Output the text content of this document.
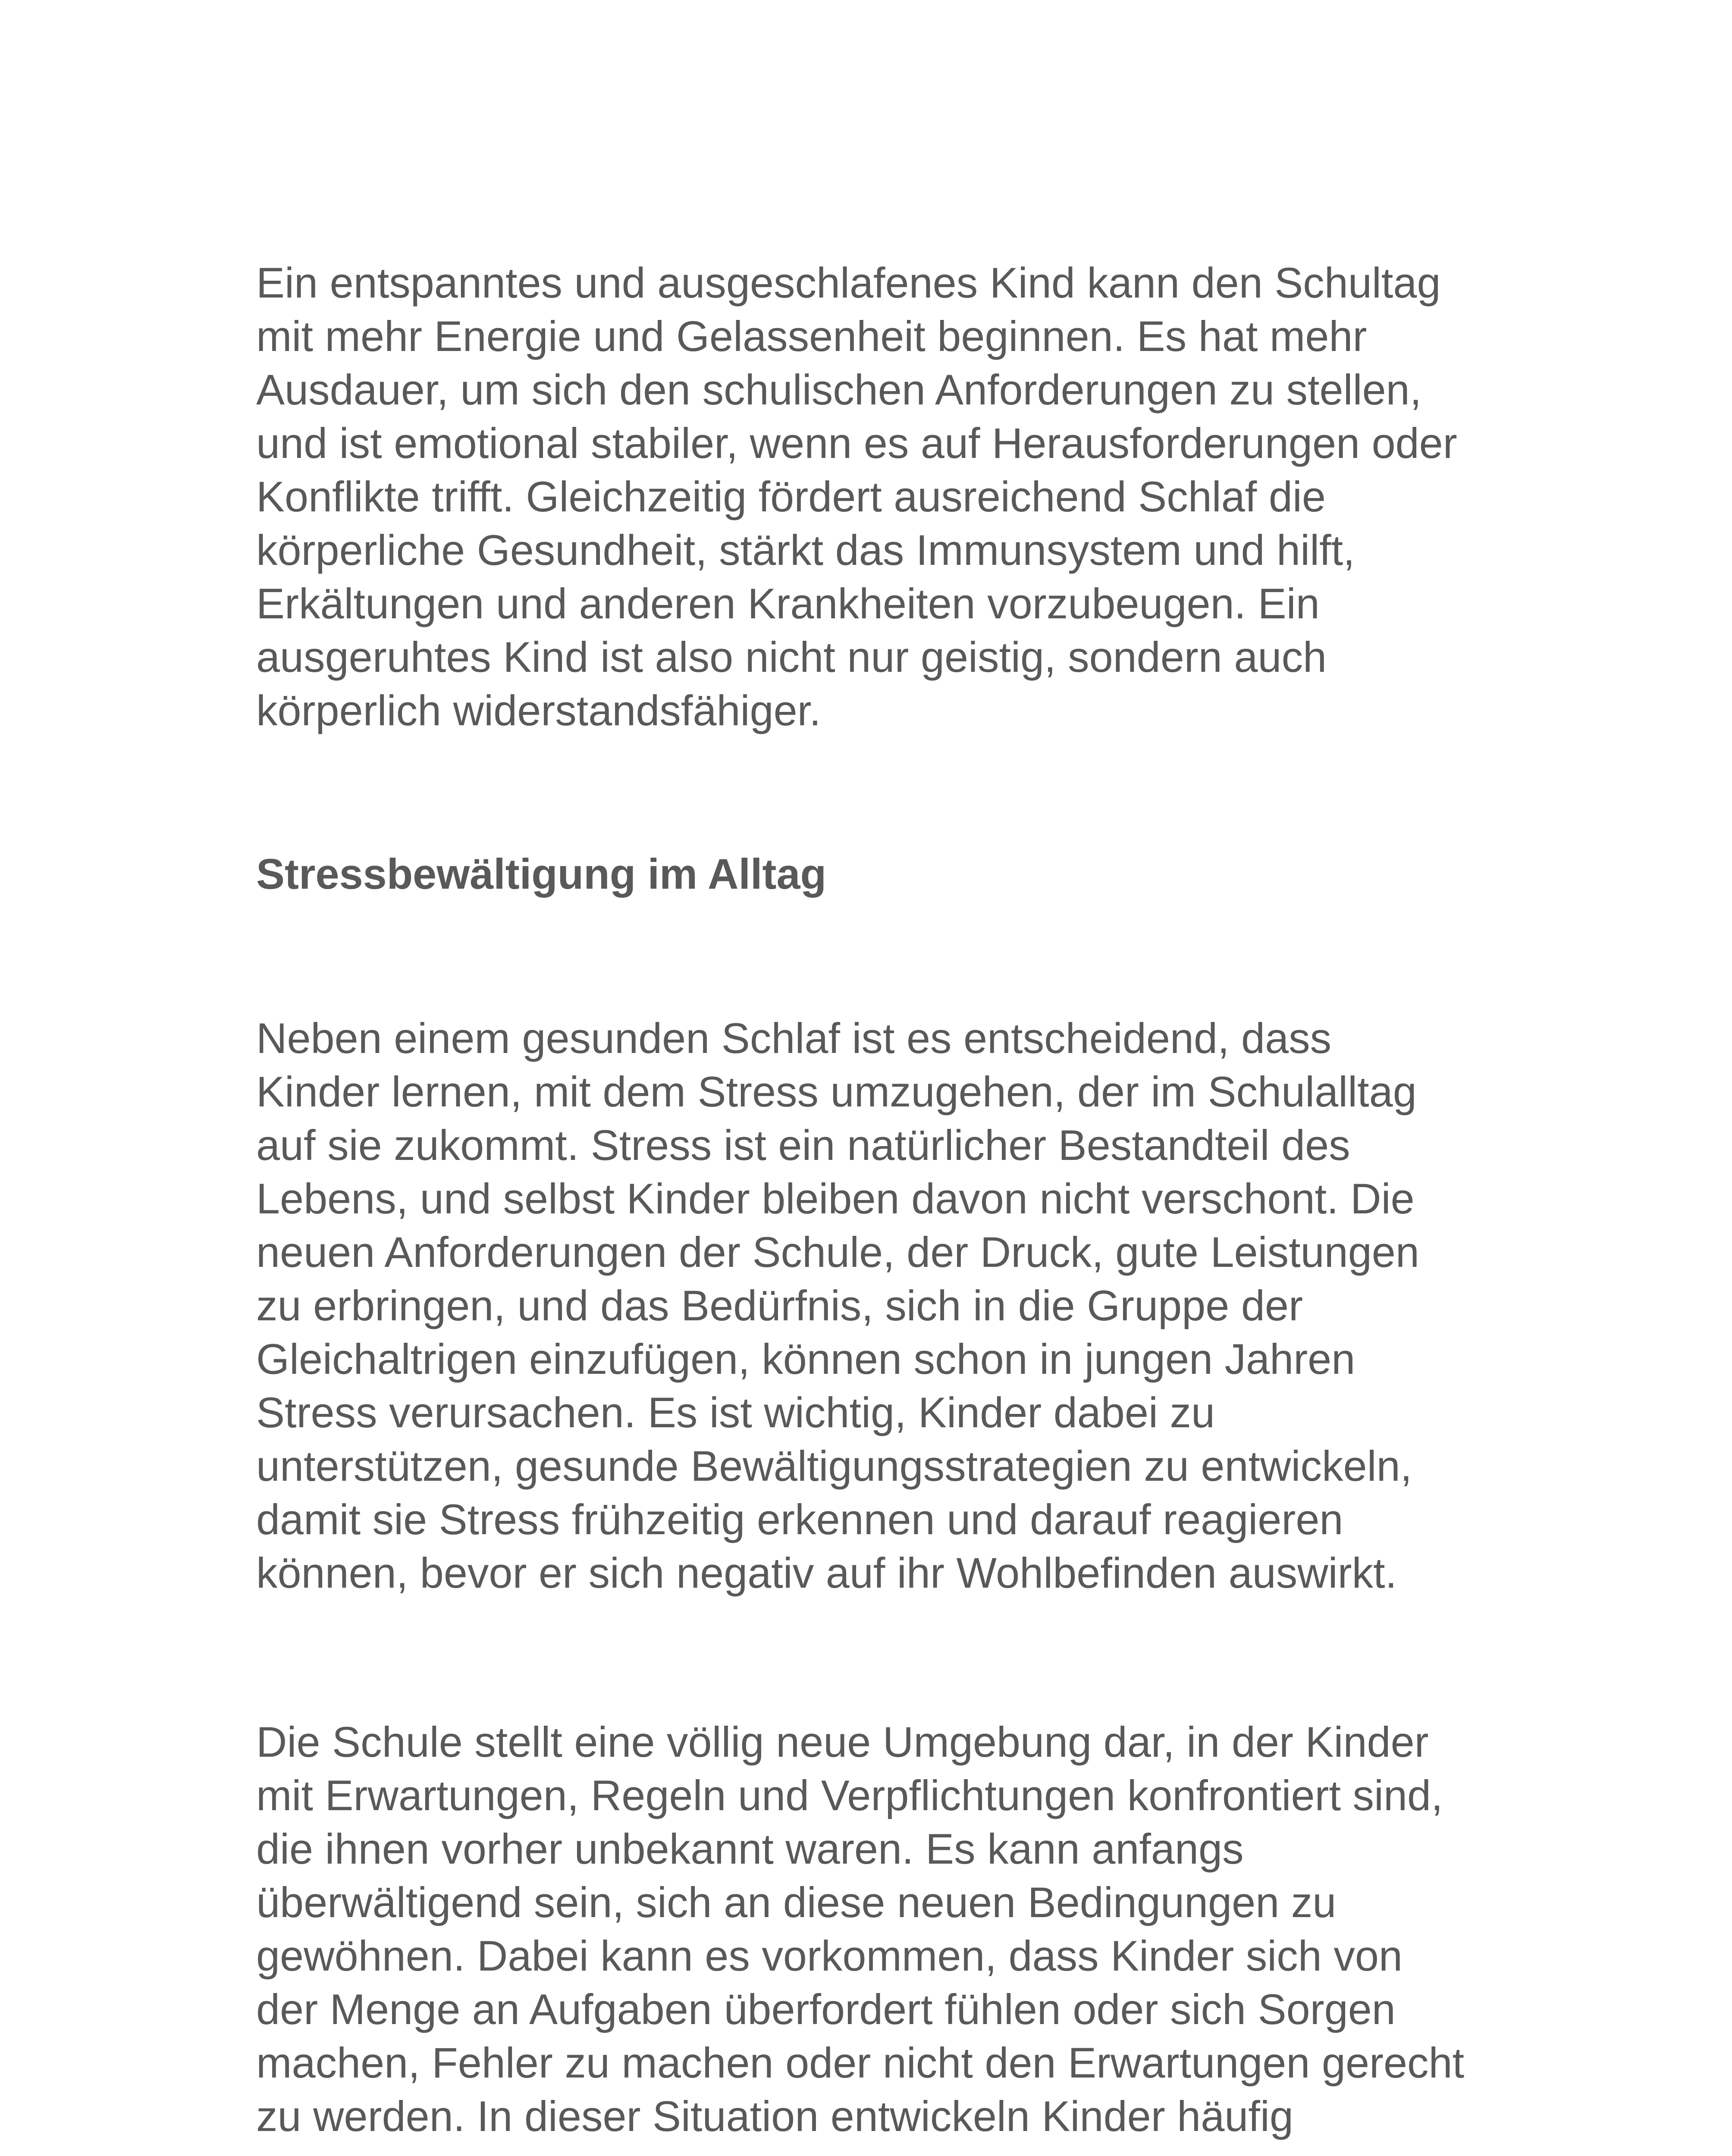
Ein entspanntes und ausgeschlafenes Kind kann den Schultag
mit mehr Energie und Gelassenheit beginnen. Es hat mehr
Ausdauer, um sich den schulischen Anforderungen zu stellen,
und ist emotional stabiler, wenn es auf Herausforderungen oder
Konflikte trifft. Gleichzeitig fördert ausreichend Schlaf die
körperliche Gesundheit, stärkt das Immunsystem und hilft,
Erkältungen und anderen Krankheiten vorzubeugen. Ein
ausgeruhtes Kind ist also nicht nur geistig, sondern auch
körperlich widerstandsfähiger.
Stressbewältigung im Alltag
Neben einem gesunden Schlaf ist es entscheidend, dass
Kinder lernen, mit dem Stress umzugehen, der im Schulalltag
auf sie zukommt. Stress ist ein natürlicher Bestandteil des
Lebens, und selbst Kinder bleiben davon nicht verschont. Die
neuen Anforderungen der Schule, der Druck, gute Leistungen
zu erbringen, und das Bedürfnis, sich in die Gruppe der
Gleichaltrigen einzufügen, können schon in jungen Jahren
Stress verursachen. Es ist wichtig, Kinder dabei zu
unterstützen, gesunde Bewältigungsstrategien zu entwickeln,
damit sie Stress frühzeitig erkennen und darauf reagieren
können, bevor er sich negativ auf ihr Wohlbefinden auswirkt.
Die Schule stellt eine völlig neue Umgebung dar, in der Kinder
mit Erwartungen, Regeln und Verpflichtungen konfrontiert sind,
die ihnen vorher unbekannt waren. Es kann anfangs
überwältigend sein, sich an diese neuen Bedingungen zu
gewöhnen. Dabei kann es vorkommen, dass Kinder sich von
der Menge an Aufgaben überfordert fühlen oder sich Sorgen
machen, Fehler zu machen oder nicht den Erwartungen gerecht
zu werden. In dieser Situation entwickeln Kinder häufig
